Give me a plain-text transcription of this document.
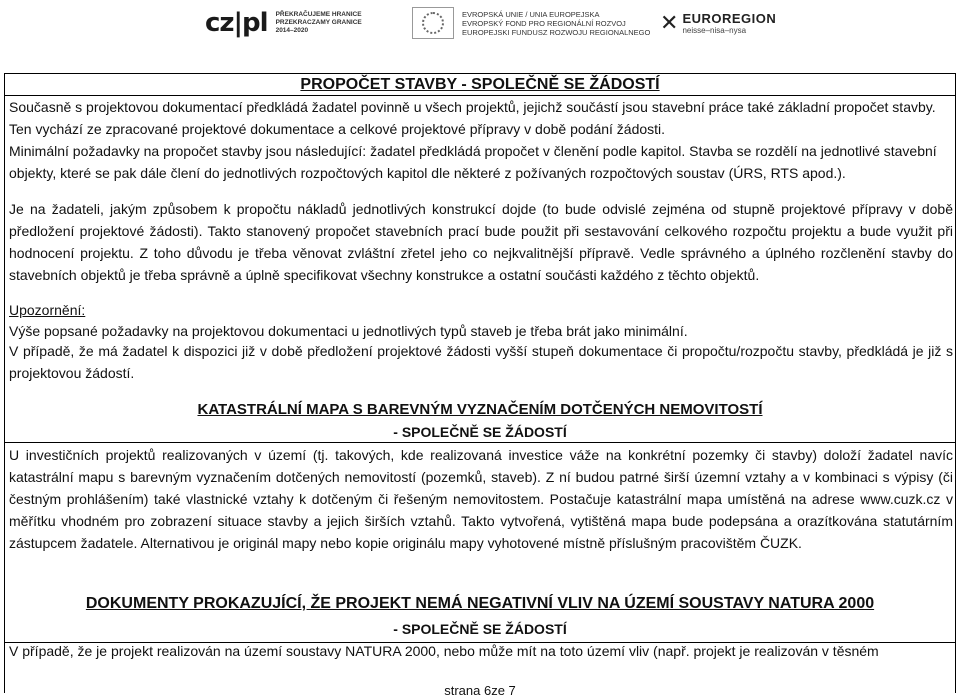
cz|pl PŘEKRAČUJEME HRANICE
PRZEKRACZAMY GRANICE
2014–2020
EVROPSKÁ UNIE / UNIA EUROPEJSKA
EVROPSKÝ FOND PRO REGIONÁLNÍ ROZVOJ
EUROPEJSKI FUNDUSZ ROZWOJU REGIONALNEGO ✕ EUROREGION
neisse–nisa–nysa
PROPOČET STAVBY - SPOLEČNĚ SE ŽÁDOSTÍ

Současně s projektovou dokumentací předkládá žadatel povinně u všech projektů, jejichž součástí jsou stavební práce také základní propočet stavby. Ten vychází ze zpracované projektové dokumentace a celkové projektové přípravy v době podání žádosti.

Minimální požadavky na propočet stavby jsou následující: žadatel předkládá propočet v členění podle kapitol. Stavba se rozdělí na jednotlivé stavební objekty, které se pak dále člení do jednotlivých rozpočtových kapitol dle některé z požívaných rozpočtových soustav (ÚRS, RTS apod.).

Je na žadateli, jakým způsobem k propočtu nákladů jednotlivých konstrukcí dojde (to bude odvislé zejména od stupně projektové přípravy v době předložení projektové žádosti). Takto stanovený propočet stavebních prací bude použit při sestavování celkového rozpočtu projektu a bude využit při hodnocení projektu. Z toho důvodu je třeba věnovat zvláštní zřetel jeho co nejkvalitnější přípravě. Vedle správného a úplného rozčlenění stavby do stavebních objektů je třeba správně a úplně specifikovat všechny konstrukce a ostatní součásti každého z těchto objektů.

Upozornění:
Výše popsané požadavky na projektovou dokumentaci u jednotlivých typů staveb je třeba brát jako minimální.

V případě, že má žadatel k dispozici již v době předložení projektové žádosti vyšší stupeň dokumentace či propočtu/rozpočtu stavby, předkládá je již s projektovou žádostí.

KATASTRÁLNÍ MAPA S BAREVNÝM VYZNAČENÍM DOTČENÝCH NEMOVITOSTÍ
- SPOLEČNĚ SE ŽÁDOSTÍ

U investičních projektů realizovaných v území (tj. takových, kde realizovaná investice váže na konkrétní pozemky či stavby) doloží žadatel navíc katastrální mapu s barevným vyznačením dotčených nemovitostí (pozemků, staveb). Z ní budou patrné širší územní vztahy a v kombinaci s výpisy (či čestným prohlášením) také vlastnické vztahy k dotčeným či řešeným nemovitostem. Postačuje katastrální mapa umístěná na adrese www.cuzk.cz v měřítku vhodném pro zobrazení situace stavby a jejich širších vztahů. Takto vytvořená, vytištěná mapa bude podepsána a orazítkována statutárním zástupcem žadatele. Alternativou je originál mapy nebo kopie originálu mapy vyhotovené místně příslušným pracovištěm ČUZK.

DOKUMENTY PROKAZUJÍCÍ, ŽE PROJEKT NEMÁ NEGATIVNÍ VLIV NA ÚZEMÍ SOUSTAVY NATURA 2000
- SPOLEČNĚ SE ŽÁDOSTÍ
V případě, že je projekt realizován na území soustavy NATURA 2000, nebo může mít na toto území vliv (např. projekt je realizován v těsném
strana 6ze 7
